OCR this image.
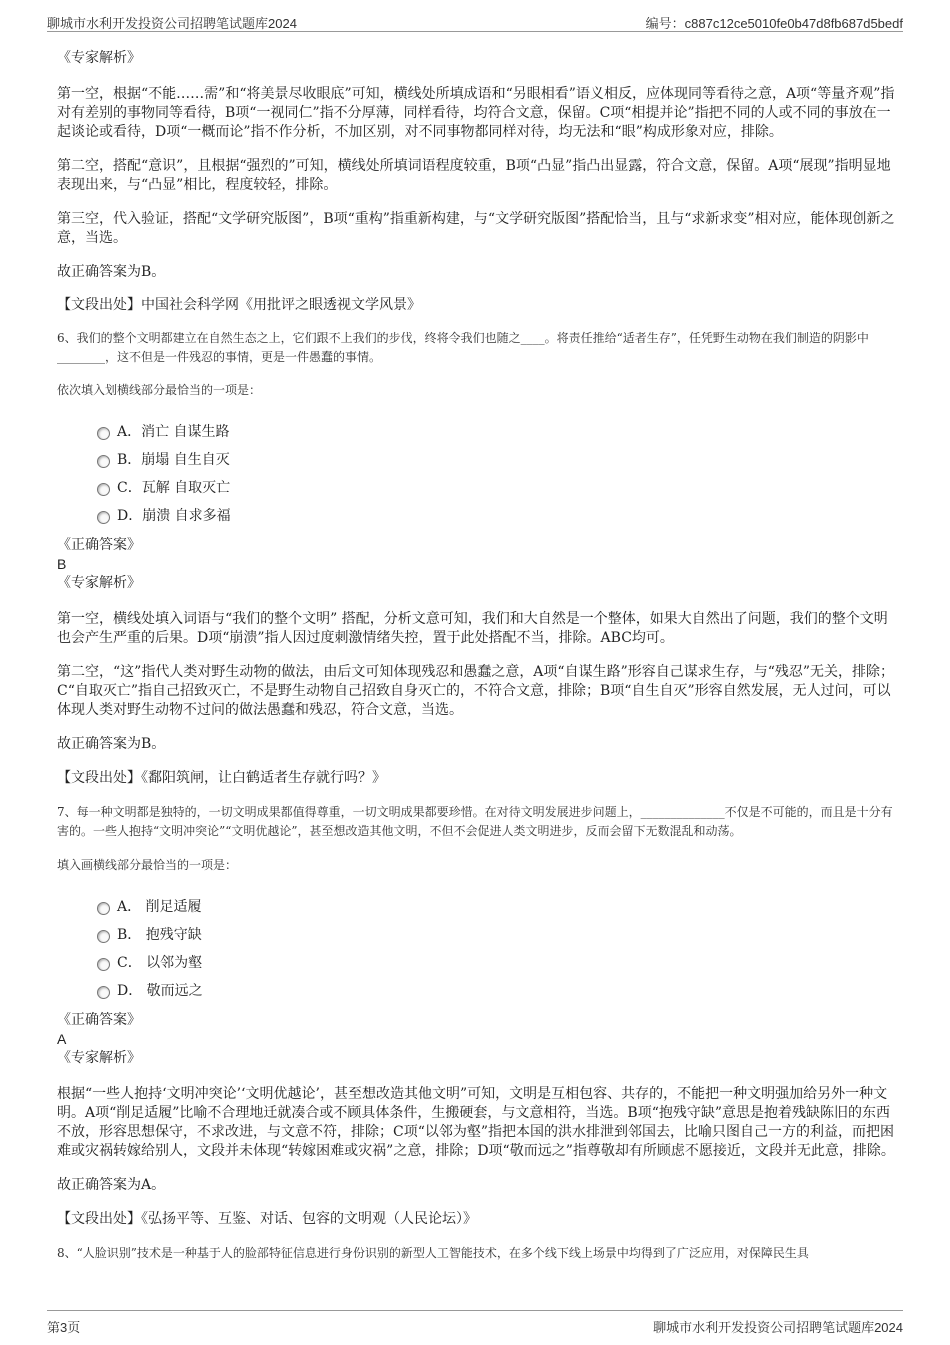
聊城市水利开发投资公司招聘笔试题库2024	编号：c887c12ce5010fe0b47d8fb687d5bedf

《专家解析》

第一空，根据“不能……需”和“将美景尽收眼底”可知，横线处所填成语和“另眼相看”语义相反，应体现同等看待之意，A项“等量齐观”指对有差别的事物同等看待，B项“一视同仁”指不分厚薄，同样看待，均符合文意，保留。C项“相提并论”指把不同的人或不同的事放在一起谈论或看待，D项“一概而论”指不作分析，不加区别，对不同事物都同样对待，均无法和“眼”构成形象对应，排除。

第二空，搭配“意识”，且根据“强烈的”可知，横线处所填词语程度较重，B项“凸显”指凸出显露，符合文意，保留。A项“展现”指明显地表现出来，与“凸显”相比，程度较轻，排除。

第三空，代入验证，搭配“文学研究版图”，B项“重构”指重新构建，与“文学研究版图”搭配恰当，且与“求新求变”相对应，能体现创新之意，当选。

故正确答案为B。

【文段出处】中国社会科学网《用批评之眼透视文学风景》

6、我们的整个文明都建立在自然生态之上，它们跟不上我们的步伐，终将令我们也随之____。将责任推给“适者生存”，任凭野生动物在我们制造的阴影中________，这不但是一件残忍的事情，更是一件愚蠢的事情。

依次填入划横线部分最恰当的一项是：

A．消亡 自谋生路
B．崩塌 自生自灭
C．瓦解 自取灭亡
D．崩溃 自求多福

《正确答案》

B

《专家解析》

第一空，横线处填入词语与“我们的整个文明” 搭配，分析文意可知，我们和大自然是一个整体，如果大自然出了问题，我们的整个文明也会产生严重的后果。D项“崩溃”指人因过度刺激情绪失控，置于此处搭配不当，排除。ABC均可。

第二空，“这”指代人类对野生动物的做法，由后文可知体现残忍和愚蠢之意，A项“自谋生路”形容自己谋求生存，与“残忍”无关，排除；C“自取灭亡”指自己招致灭亡，不是野生动物自己招致自身灭亡的，不符合文意，排除；B项“自生自灭”形容自然发展，无人过问，可以体现人类对野生动物不过问的做法愚蠢和残忍，符合文意，当选。

故正确答案为B。

【文段出处】《鄱阳筑闸，让白鹤适者生存就行吗？》

7、每一种文明都是独特的，一切文明成果都值得尊重，一切文明成果都要珍惜。在对待文明发展进步问题上，______________不仅是不可能的，而且是十分有害的。一些人抱持“文明冲突论”“文明优越论”，甚至想改造其他文明，不但不会促进人类文明进步，反而会留下无数混乱和动荡。

填入画横线部分最恰当的一项是：

A． 削足适履
B． 抱残守缺
C． 以邻为壑
D． 敬而远之

《正确答案》

A

《专家解析》

根据“一些人抱持‘文明冲突论’‘文明优越论’，甚至想改造其他文明”可知，文明是互相包容、共存的，不能把一种文明强加给另外一种文明。A项“削足适履”比喻不合理地迁就凑合或不顾具体条件，生搬硬套，与文意相符，当选。B项“抱残守缺”意思是抱着残缺陈旧的东西不放，形容思想保守，不求改进，与文意不符，排除；C项“以邻为壑”指把本国的洪水排泄到邻国去，比喻只图自己一方的利益，而把困难或灾祸转嫁给别人，文段并未体现“转嫁困难或灾祸”之意，排除；D项“敬而远之”指尊敬却有所顾虑不愿接近，文段并无此意，排除。

故正确答案为A。

【文段出处】《弘扬平等、互鉴、对话、包容的文明观（人民论坛）》

8、“人脸识别”技术是一种基于人的脸部特征信息进行身份识别的新型人工智能技术，在多个线下线上场景中均得到了广泛应用，对保障民生具

第3页	聊城市水利开发投资公司招聘笔试题库2024
